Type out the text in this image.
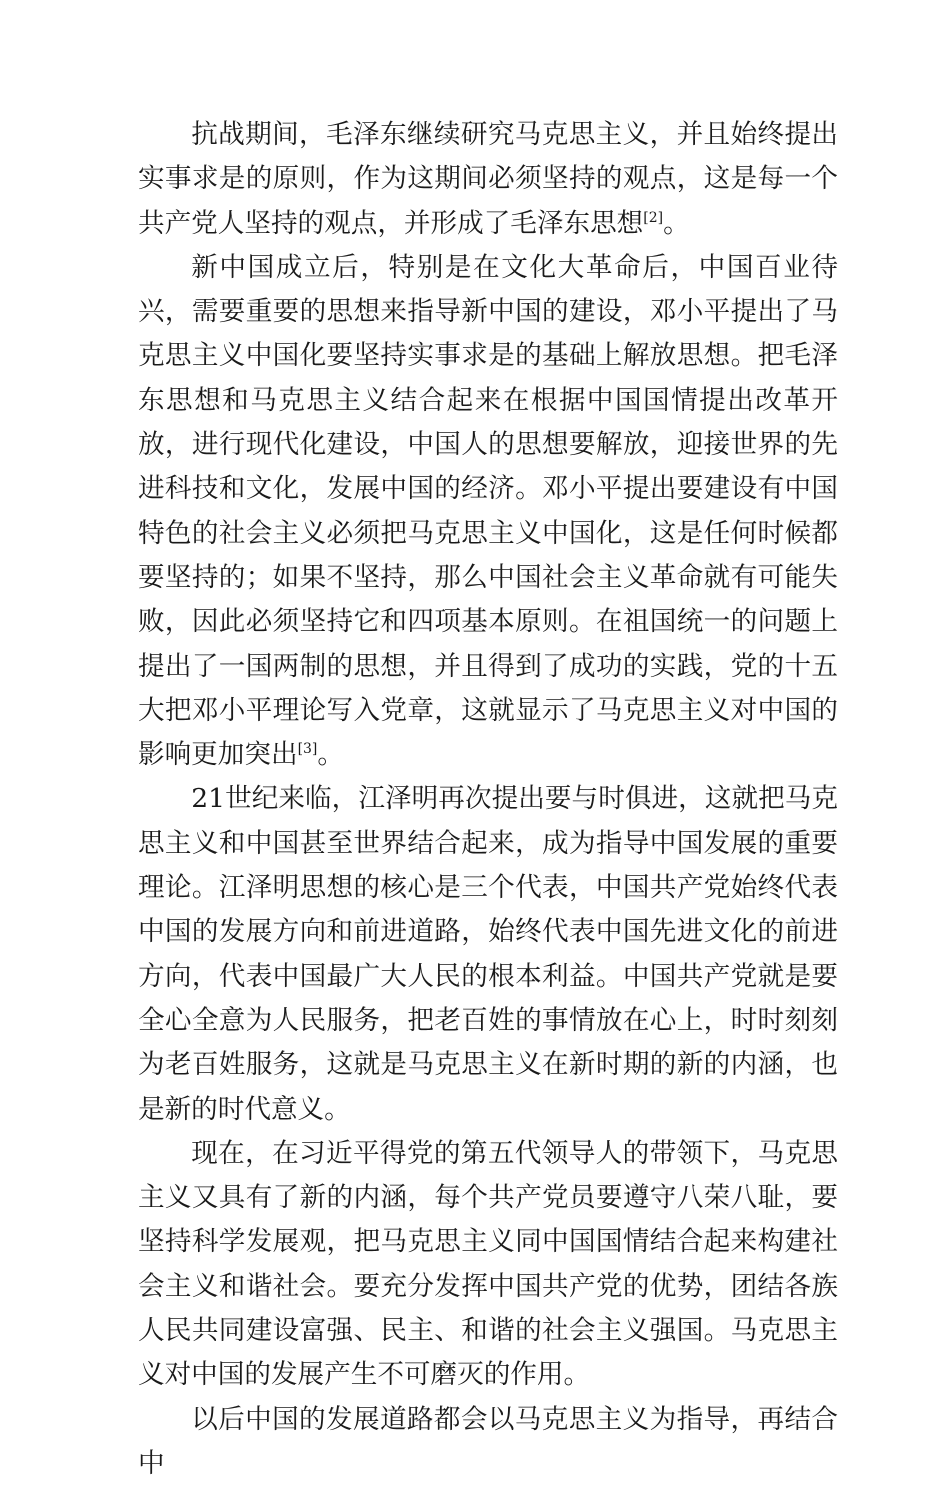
抗战期间，毛泽东继续研究马克思主义，并且始终提出实事求是的原则，作为这期间必须坚持的观点，这是每一个共产党人坚持的观点，并形成了毛泽东思想[2]。

新中国成立后，特别是在文化大革命后，中国百业待兴，需要重要的思想来指导新中国的建设，邓小平提出了马克思主义中国化要坚持实事求是的基础上解放思想。把毛泽东思想和马克思主义结合起来在根据中国国情提出改革开放，进行现代化建设，中国人的思想要解放，迎接世界的先进科技和文化，发展中国的经济。邓小平提出要建设有中国特色的社会主义必须把马克思主义中国化，这是任何时候都要坚持的；如果不坚持，那么中国社会主义革命就有可能失败，因此必须坚持它和四项基本原则。在祖国统一的问题上提出了一国两制的思想，并且得到了成功的实践，党的十五大把邓小平理论写入党章，这就显示了马克思主义对中国的影响更加突出[3]。

21世纪来临，江泽明再次提出要与时俱进，这就把马克思主义和中国甚至世界结合起来，成为指导中国发展的重要理论。江泽明思想的核心是三个代表，中国共产党始终代表中国的发展方向和前进道路，始终代表中国先进文化的前进方向，代表中国最广大人民的根本利益。中国共产党就是要全心全意为人民服务，把老百姓的事情放在心上，时时刻刻为老百姓服务，这就是马克思主义在新时期的新的内涵，也是新的时代意义。

现在，在习近平得党的第五代领导人的带领下，马克思主义又具有了新的内涵，每个共产党员要遵守八荣八耻，要坚持科学发展观，把马克思主义同中国国情结合起来构建社会主义和谐社会。要充分发挥中国共产党的优势，团结各族人民共同建设富强、民主、和谐的社会主义强国。马克思主义对中国的发展产生不可磨灭的作用。

以后中国的发展道路都会以马克思主义为指导，再结合中
